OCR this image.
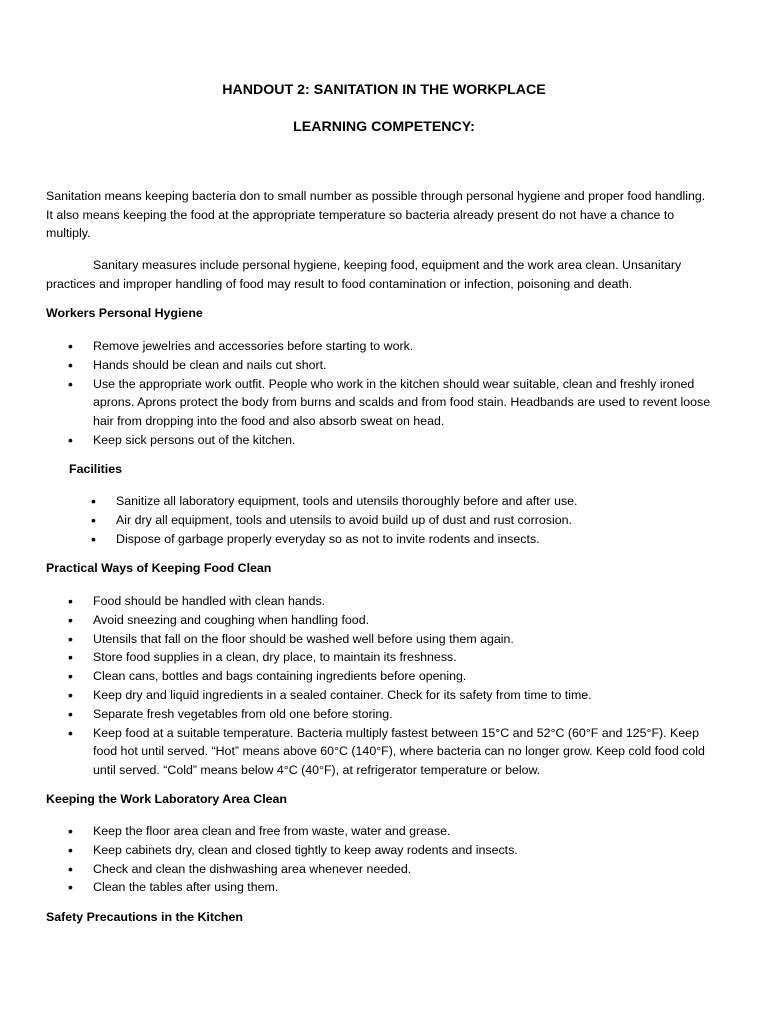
HANDOUT 2: SANITATION IN THE WORKPLACE
LEARNING COMPETENCY:

Sanitation means keeping bacteria don to small number as possible through personal hygiene and proper food handling. It also means keeping the food at the appropriate temperature so bacteria already present do not have a chance to multiply.

Sanitary measures include personal hygiene, keeping food, equipment and the work area clean. Unsanitary practices and improper handling of food may result to food contamination or infection, poisoning and death.

Workers Personal Hygiene

• Remove jewelries and accessories before starting to work.
• Hands should be clean and nails cut short.
• Use the appropriate work outfit. People who work in the kitchen should wear suitable, clean and freshly ironed aprons. Aprons protect the body from burns and scalds and from food stain. Headbands are used to revent loose hair from dropping into the food and also absorb sweat on head.
• Keep sick persons out of the kitchen.

Facilities

• Sanitize all laboratory equipment, tools and utensils thoroughly before and after use.
• Air dry all equipment, tools and utensils to avoid build up of dust and rust corrosion.
• Dispose of garbage properly everyday so as not to invite rodents and insects.

Practical Ways of Keeping Food Clean

• Food should be handled with clean hands.
• Avoid sneezing and coughing when handling food.
• Utensils that fall on the floor should be washed well before using them again.
• Store food supplies in a clean, dry place, to maintain its freshness.
• Clean cans, bottles and bags containing ingredients before opening.
• Keep dry and liquid ingredients in a sealed container. Check for its safety from time to time.
• Separate fresh vegetables from old one before storing.
• Keep food at a suitable temperature. Bacteria multiply fastest between 15°C and 52°C (60°F and 125°F). Keep food hot until served. “Hot” means above 60°C (140°F), where bacteria can no longer grow. Keep cold food cold until served. “Cold” means below 4°C (40°F), at refrigerator temperature or below.

Keeping the Work Laboratory Area Clean

• Keep the floor area clean and free from waste, water and grease.
• Keep cabinets dry, clean and closed tightly to keep away rodents and insects.
• Check and clean the dishwashing area whenever needed.
• Clean the tables after using them.

Safety Precautions in the Kitchen
